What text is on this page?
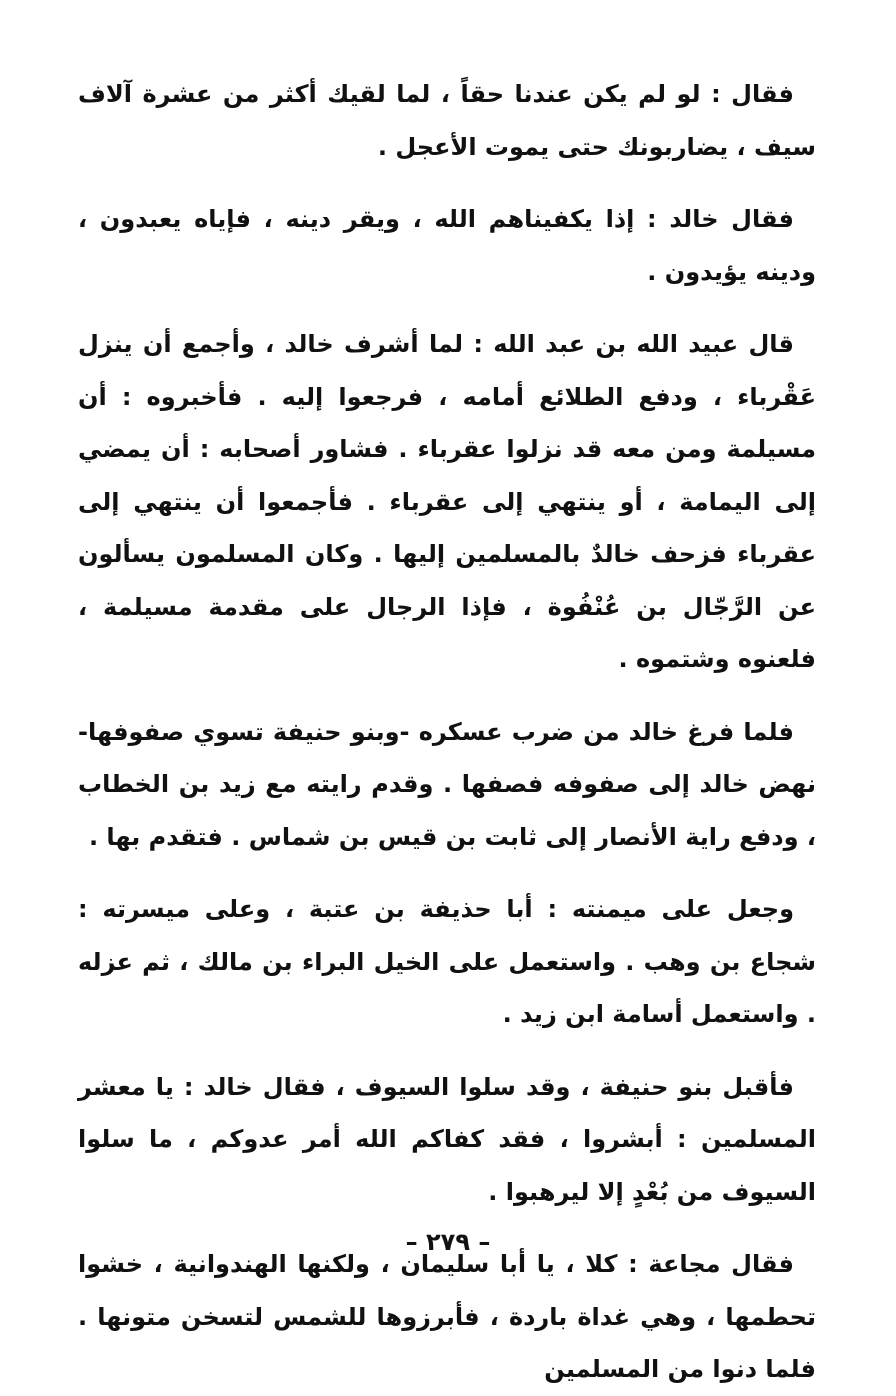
فقال : لو لم يكن عندنا حقاً ، لما لقيك أكثر من عشرة آلاف سيف ، يضاربونك حتى يموت الأعجل .

فقال خالد : إذا يكفيناهم الله ، ويقر دينه ، فإياه يعبدون ، ودينه يؤيدون .

قال عبيد الله بن عبد الله : لما أشرف خالد ، وأجمع أن ينزل عَقْرباء ، ودفع الطلائع أمامه ، فرجعوا إليه . فأخبروه : أن مسيلمة ومن معه قد نزلوا عقرباء . فشاور أصحابه : أن يمضي إلى اليمامة ، أو ينتهي إلى عقرباء . فأجمعوا أن ينتهي إلى عقرباء فزحف خالدٌ بالمسلمين إليها . وكان المسلمون يسألون عن الرَّجّال بن عُنْفُوة ، فإذا الرجال على مقدمة مسيلمة ، فلعنوه وشتموه .

فلما فرغ خالد من ضرب عسكره -وبنو حنيفة تسوي صفوفها- نهض خالد إلى صفوفه فصفها . وقدم رايته مع زيد بن الخطاب ، ودفع راية الأنصار إلى ثابت بن قيس بن شماس . فتقدم بها .

وجعل على ميمنته : أبا حذيفة بن عتبة ، وعلى ميسرته : شجاع بن وهب . واستعمل على الخيل البراء بن مالك ، ثم عزله . واستعمل أسامة ابن زيد .

فأقبل بنو حنيفة ، وقد سلوا السيوف ، فقال خالد : يا معشر المسلمين : أبشروا ، فقد كفاكم الله أمر عدوكم ، ما سلوا السيوف من بُعْدٍ إلا ليرهبوا .

فقال مجاعة : كلا ، يا أبا سليمان ، ولكنها الهندوانية ، خشوا تحطمها ، وهي غداة باردة ، فأبرزوها للشمس لتسخن متونها . فلما دنوا من المسلمين

– ٢٧٩ –
